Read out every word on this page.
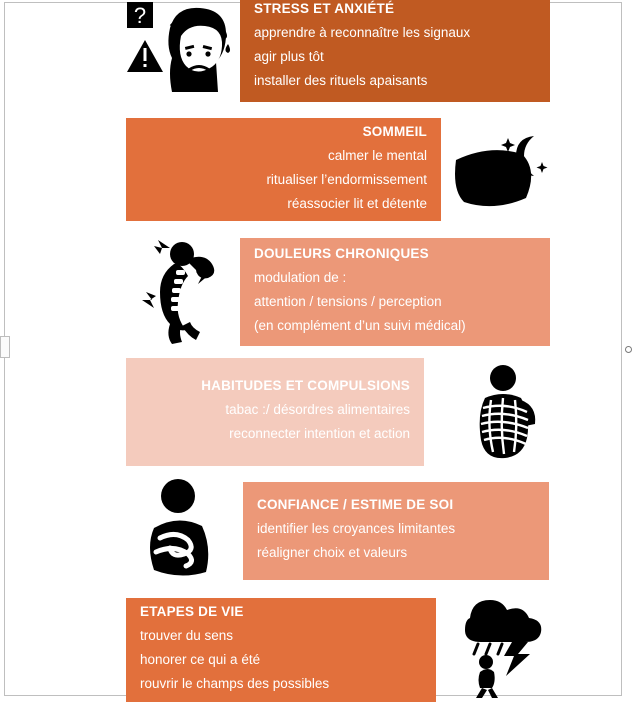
STRESS ET ANXIÉTÉ
apprendre à reconnaître les signaux
agir plus tôt
installer des rituels apaisants
?
SOMMEIL
calmer le mental
ritualiser l’endormissement
réassocier lit et détente
DOULEURS CHRONIQUES
modulation de :
attention / tensions / perception
(en complément d’un suivi médical)
HABITUDES ET COMPULSIONS
tabac :/ désordres alimentaires
reconnecter intention et action
CONFIANCE / ESTIME DE SOI
identifier les croyances limitantes
réaligner choix et valeurs
ETAPES DE VIE
trouver du sens
honorer ce qui a été
rouvrir le champs des possibles
